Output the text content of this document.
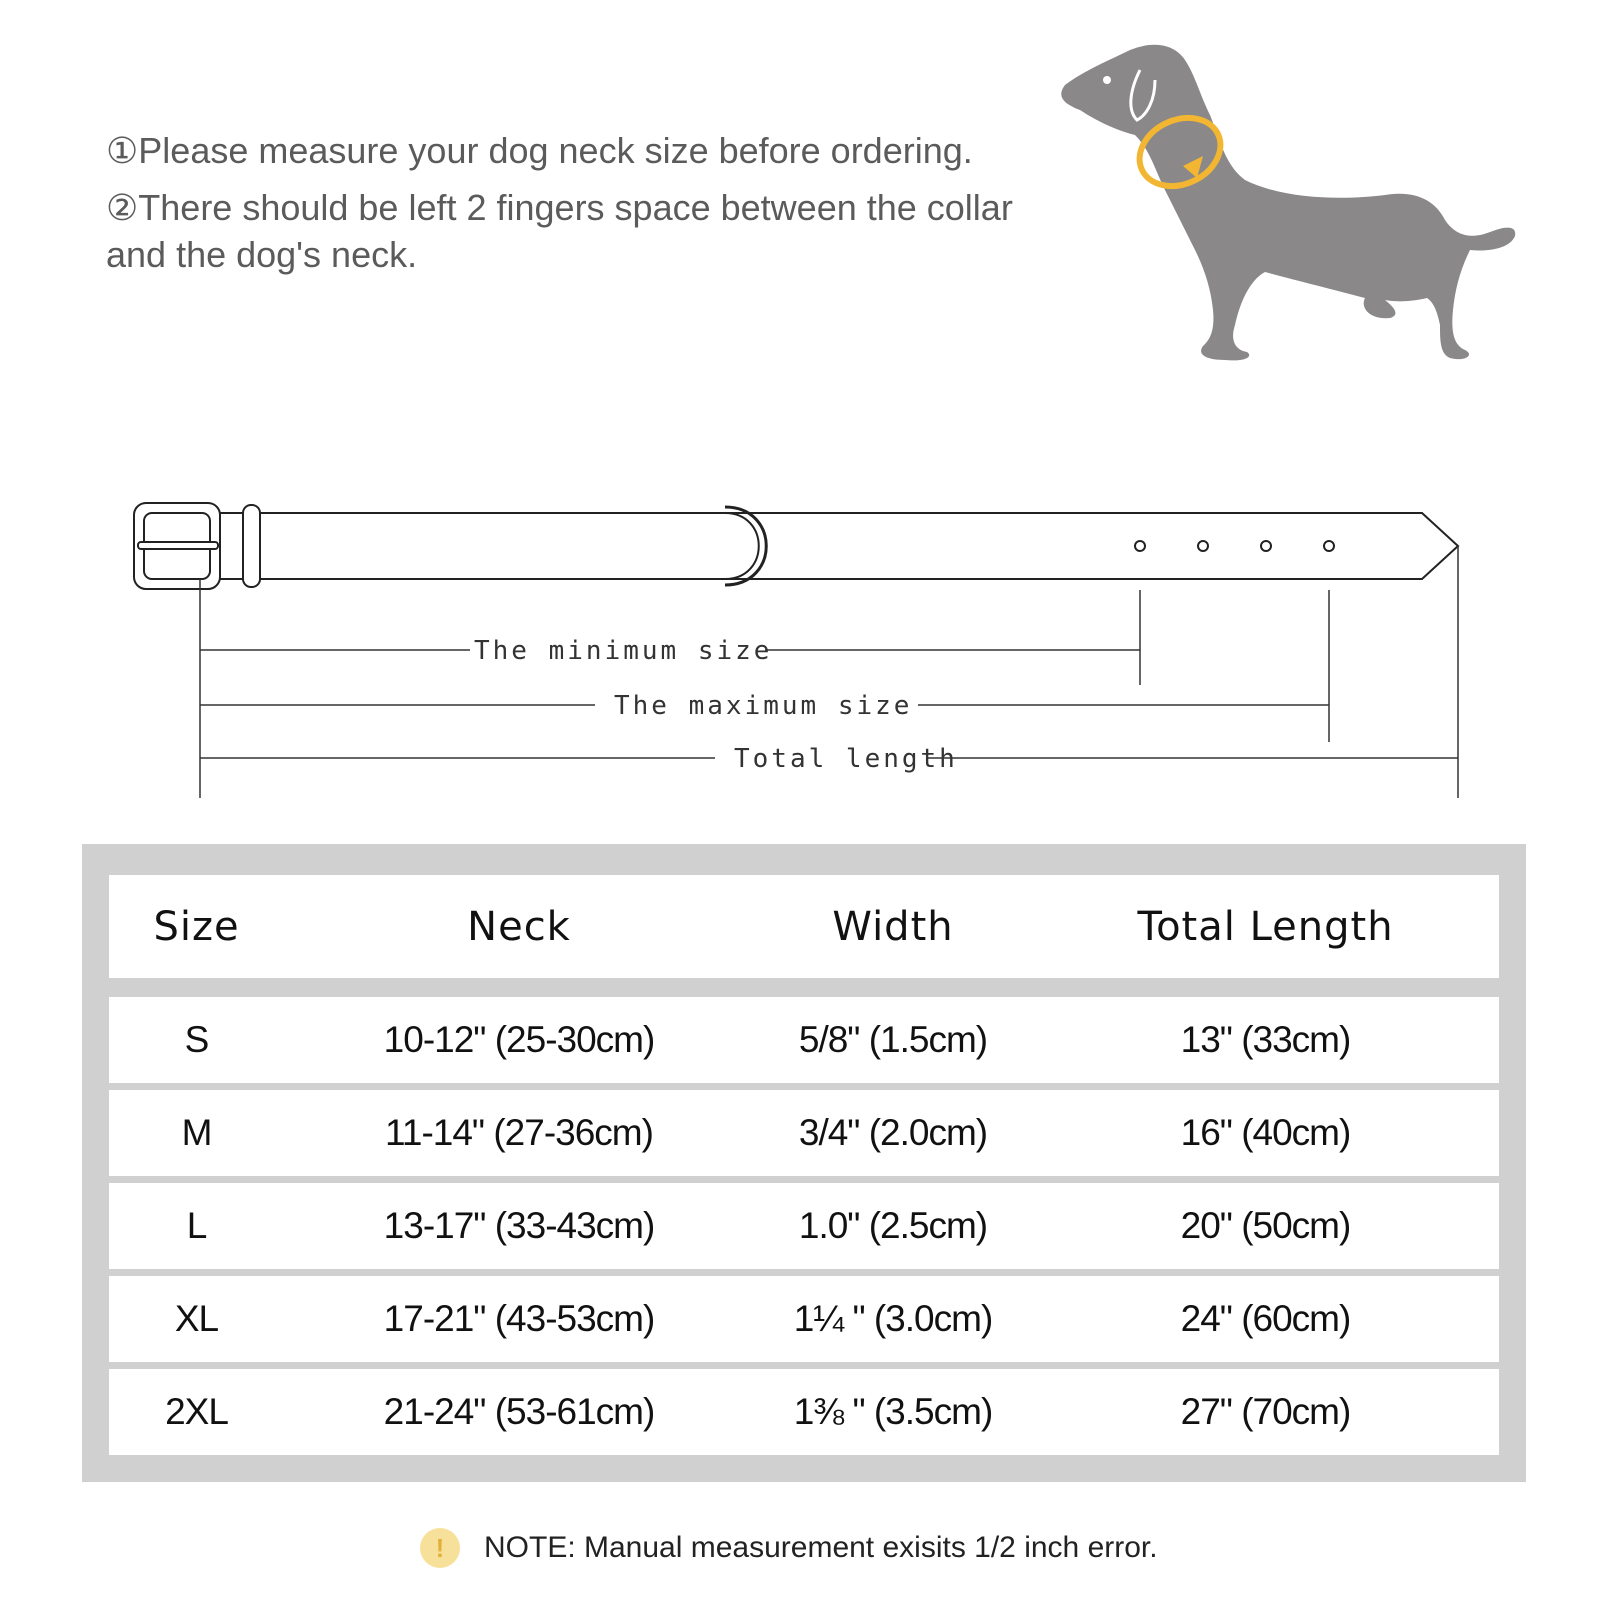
①Please measure your dog neck size before ordering.

②There should be left 2 fingers space between the collar and the dog's neck.

The minimum size
The maximum size
Total length
Size	Neck	Width	Total Length
S	10-12" (25-30cm)	5/8" (1.5cm)	13" (33cm)
M	11-14" (27-36cm)	3/4" (2.0cm)	16" (40cm)
L	13-17" (33-43cm)	1.0" (2.5cm)	20" (50cm)
XL	17-21" (43-53cm)	1¼ " (3.0cm)	24" (60cm)
2XL	21-24" (53-61cm)	1⅜ " (3.5cm)	27" (70cm)
!	NOTE: Manual measurement exisits 1/2 inch error.
